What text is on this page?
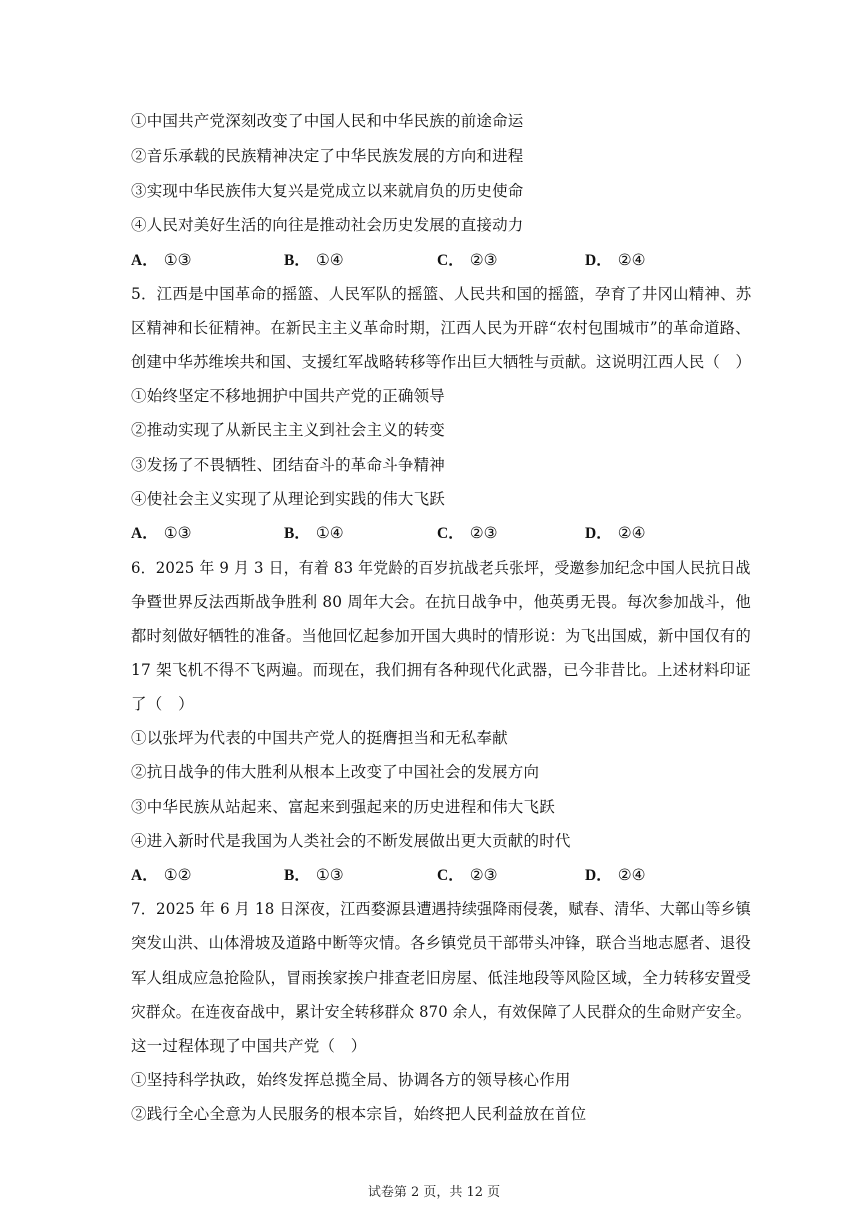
①中国共产党深刻改变了中国人民和中华民族的前途命运
②音乐承载的民族精神决定了中华民族发展的方向和进程
③实现中华民族伟大复兴是党成立以来就肩负的历史使命
④人民对美好生活的向往是推动社会历史发展的直接动力
A． ①③	B． ①④	C． ②③	D． ②④
5．江西是中国革命的摇篮、人民军队的摇篮、人民共和国的摇篮，孕育了井冈山精神、苏
区精神和长征精神。在新民主主义革命时期，江西人民为开辟“农村包围城市”的革命道路、
创建中华苏维埃共和国、支援红军战略转移等作出巨大牺牲与贡献。这说明江西人民（　）
①始终坚定不移地拥护中国共产党的正确领导
②推动实现了从新民主主义到社会主义的转变
③发扬了不畏牺牲、团结奋斗的革命斗争精神
④使社会主义实现了从理论到实践的伟大飞跃
A． ①③	B． ①④	C． ②③	D． ②④
6．2025 年 9 月 3 日，有着 83 年党龄的百岁抗战老兵张坪，受邀参加纪念中国人民抗日战
争暨世界反法西斯战争胜利 80 周年大会。在抗日战争中，他英勇无畏。每次参加战斗，他
都时刻做好牺牲的准备。当他回忆起参加开国大典时的情形说：为飞出国威，新中国仅有的
17 架飞机不得不飞两遍。而现在，我们拥有各种现代化武器，已今非昔比。上述材料印证
了（　）
①以张坪为代表的中国共产党人的挺膺担当和无私奉献
②抗日战争的伟大胜利从根本上改变了中国社会的发展方向
③中华民族从站起来、富起来到强起来的历史进程和伟大飞跃
④进入新时代是我国为人类社会的不断发展做出更大贡献的时代
A． ①②	B． ①③	C． ②③	D． ②④
7．2025 年 6 月 18 日深夜，江西婺源县遭遇持续强降雨侵袭，赋春、清华、大鄣山等乡镇
突发山洪、山体滑坡及道路中断等灾情。各乡镇党员干部带头冲锋，联合当地志愿者、退役
军人组成应急抢险队，冒雨挨家挨户排查老旧房屋、低洼地段等风险区域，全力转移安置受
灾群众。在连夜奋战中，累计安全转移群众 870 余人，有效保障了人民群众的生命财产安全。
这一过程体现了中国共产党（　）
①坚持科学执政，始终发挥总揽全局、协调各方的领导核心作用
②践行全心全意为人民服务的根本宗旨，始终把人民利益放在首位
试卷第 2 页，共 12 页
